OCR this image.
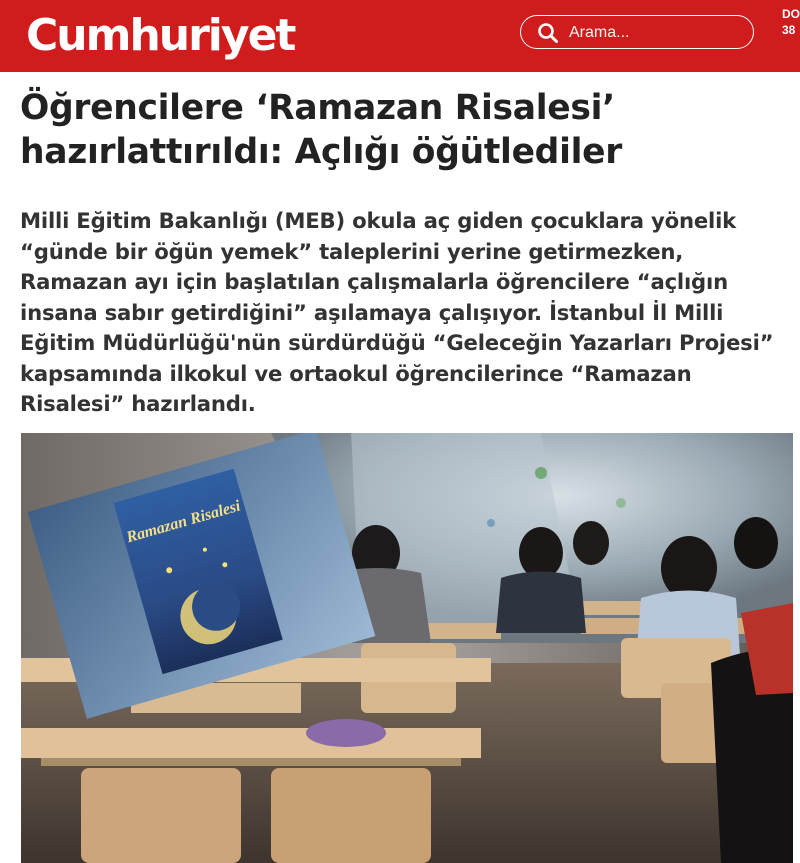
Cumhuriyet
Arama...	DO
38
Öğrencilere ‘Ramazan Risalesi’ hazırlattırıldı: Açlığı öğütlediler

Milli Eğitim Bakanlığı (MEB) okula aç giden çocuklara yönelik “günde bir öğün yemek” taleplerini yerine getirmezken, Ramazan ayı için başlatılan çalışmalarla öğrencilere “açlığın insana sabır getirdiğini” aşılamaya çalışıyor. İstanbul İl Milli Eğitim Müdürlüğü'nün sürdürdüğü “Geleceğin Yazarları Projesi” kapsamında ilkokul ve ortaokul öğrencilerince “Ramazan Risalesi” hazırlandı.

Ramazan Risalesi
